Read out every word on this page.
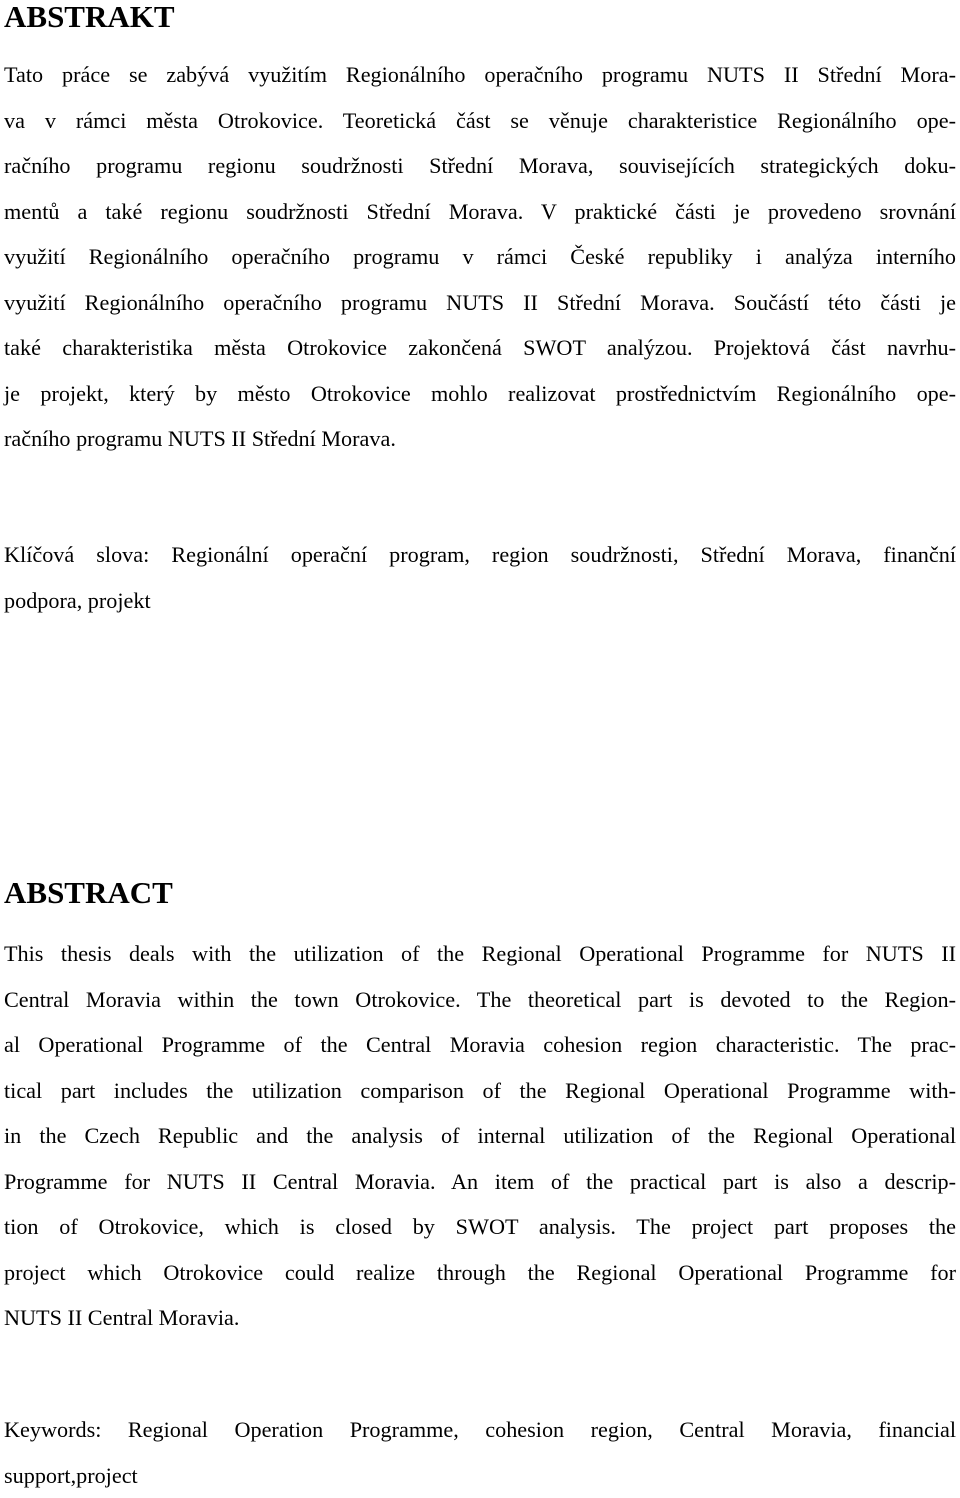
ABSTRAKT
Tato práce se zabývá využitím Regionálního operačního programu NUTS II Střední Mora-
va v rámci města Otrokovice. Teoretická část se věnuje charakteristice Regionálního ope-
račního programu regionu soudržnosti Střední Morava, souvisejících strategických doku-
mentů a také regionu soudržnosti Střední Morava. V praktické části je provedeno srovnání
využití Regionálního operačního programu v rámci České republiky i analýza interního
využití Regionálního operačního programu NUTS II Střední Morava. Součástí této části je
také charakteristika města Otrokovice zakončená SWOT analýzou. Projektová část navrhu-
je projekt, který by město Otrokovice mohlo realizovat prostřednictvím Regionálního ope-
račního programu NUTS II Střední Morava.
Klíčová slova: Regionální operační program, region soudržnosti, Střední Morava, finanční
podpora, projekt
ABSTRACT
This thesis deals with the utilization of the Regional Operational Programme for NUTS II
Central Moravia within the town Otrokovice. The theoretical part is devoted to the Region-
al Operational Programme of the Central Moravia cohesion region characteristic. The prac-
tical part includes the utilization comparison of the Regional Operational Programme with-
in the Czech Republic and the analysis of internal utilization of the Regional Operational
Programme for NUTS II Central Moravia. An item of the practical part is also a descrip-
tion of Otrokovice, which is closed by SWOT analysis. The project part proposes the
project which Otrokovice could realize through the Regional Operational Programme for
NUTS II Central Moravia.
Keywords: Regional Operation Programme, cohesion region, Central Moravia, financial
support,project
